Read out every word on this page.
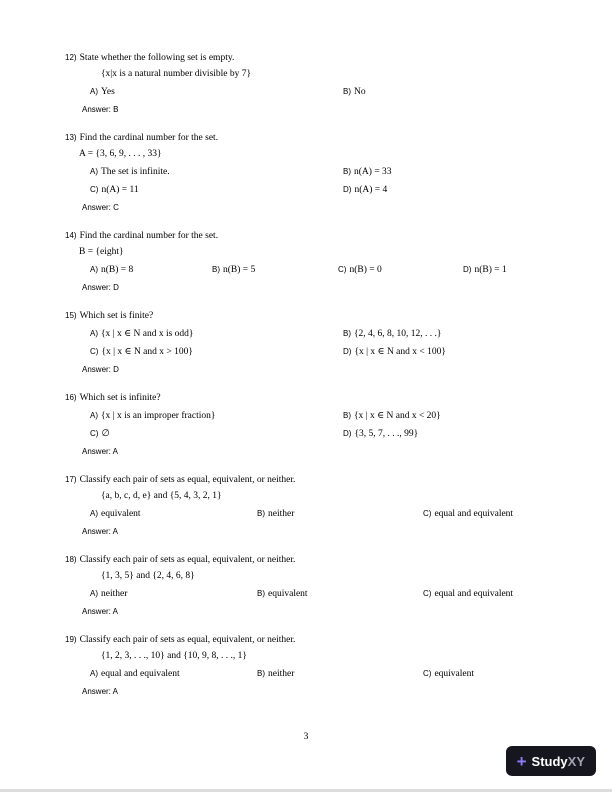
12) State whether the following set is empty.
{x|x is a natural number divisible by 7}
A) Yes	B) No
Answer: B
13) Find the cardinal number for the set.
A = {3, 6, 9, . . . , 33}
A) The set is infinite.	B) n(A) = 33
C) n(A) = 11	D) n(A) = 4
Answer: C
14) Find the cardinal number for the set.
B = {eight}
A) n(B) = 8	B) n(B) = 5	C) n(B) = 0	D) n(B) = 1
Answer: D
15) Which set is finite?
A) {x | x ∈ N and x is odd}	B) {2, 4, 6, 8, 10, 12, . . .}
C) {x | x ∈ N and x > 100}	D) {x | x ∈ N and x < 100}
Answer: D
16) Which set is infinite?
A) {x | x is an improper fraction}	B) {x | x ∈ N and x < 20}
C) ∅	D) {3, 5, 7, . . ., 99}
Answer: A
17) Classify each pair of sets as equal, equivalent, or neither.
{a, b, c, d, e} and {5, 4, 3, 2, 1}
A) equivalent	B) neither	C) equal and equivalent
Answer: A
18) Classify each pair of sets as equal, equivalent, or neither.
{1, 3, 5} and {2, 4, 6, 8}
A) neither	B) equivalent	C) equal and equivalent
Answer: A
19) Classify each pair of sets as equal, equivalent, or neither.
{1, 2, 3, . . ., 10} and {10, 9, 8, . . ., 1}
A) equal and equivalent	B) neither	C) equivalent
Answer: A
3
+ Study XY
